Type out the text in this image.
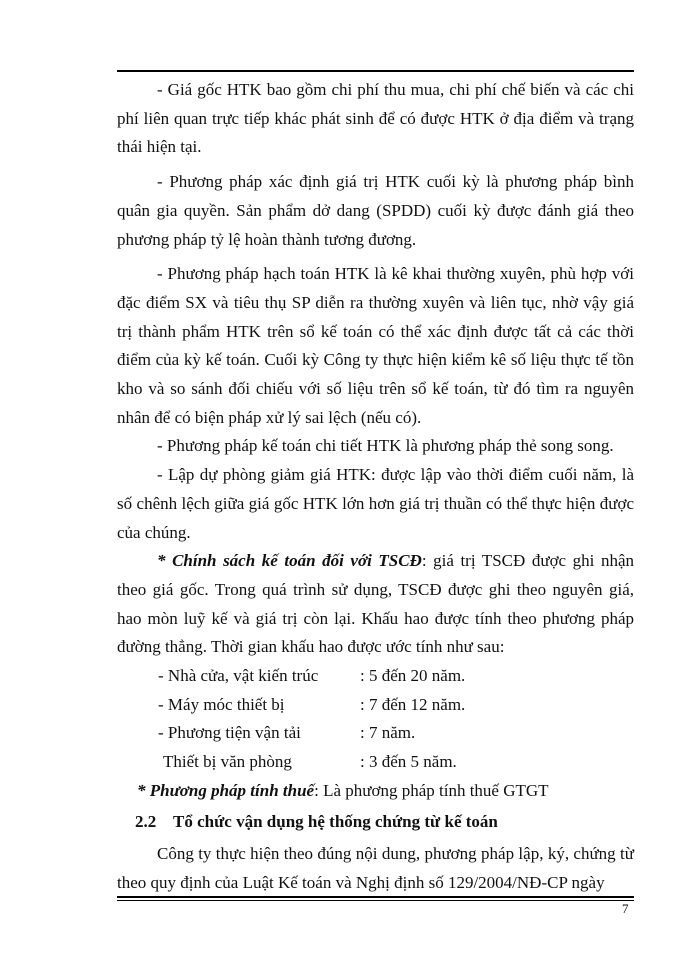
- Giá gốc HTK bao gồm chi phí thu mua, chi phí chế biến và các chi phí liên quan trực tiếp khác phát sinh để có được HTK ở địa điểm và trạng thái hiện tại.

- Phương pháp xác định giá trị HTK cuối kỳ là phương pháp bình quân gia quyền. Sản phẩm dở dang (SPDD) cuối kỳ được đánh giá theo phương pháp tỷ lệ hoàn thành tương đương.

- Phương pháp hạch toán HTK là kê khai thường xuyên, phù hợp với đặc điểm SX và tiêu thụ SP diễn ra thường xuyên và liên tục, nhờ vậy giá trị thành phẩm HTK trên sổ kế toán có thể xác định được tất cả các thời điểm của kỳ kế toán. Cuối kỳ Công ty thực hiện kiểm kê số liệu thực tế tồn kho và so sánh đối chiếu với số liệu trên sổ kế toán, từ đó tìm ra nguyên nhân để có biện pháp xử lý sai lệch (nếu có).

- Phương pháp kế toán chi tiết HTK là phương pháp thẻ song song.

- Lập dự phòng giảm giá HTK: được lập vào thời điểm cuối năm, là số chênh lệch giữa giá gốc HTK lớn hơn giá trị thuần có thể thực hiện được của chúng.

* Chính sách kế toán đối với TSCĐ: giá trị TSCĐ được ghi nhận theo giá gốc. Trong quá trình sử dụng, TSCĐ được ghi theo nguyên giá, hao mòn luỹ kế và giá trị còn lại. Khấu hao được tính theo phương pháp đường thẳng. Thời gian khấu hao được ước tính như sau:

- Nhà cửa, vật kiến trúc	: 5 đến 20 năm.
- Máy móc thiết bị	: 7 đến 12 năm.
- Phương tiện vận tải	: 7 năm.
Thiết bị văn phòng	: 3 đến 5 năm.

* Phương pháp tính thuế: Là phương pháp tính thuế GTGT

2.2 Tổ chức vận dụng hệ thống chứng từ kế toán

Công ty thực hiện theo đúng nội dung, phương pháp lập, ký, chứng từ theo quy định của Luật Kế toán và Nghị định số 129/2004/NĐ-CP ngày

7
